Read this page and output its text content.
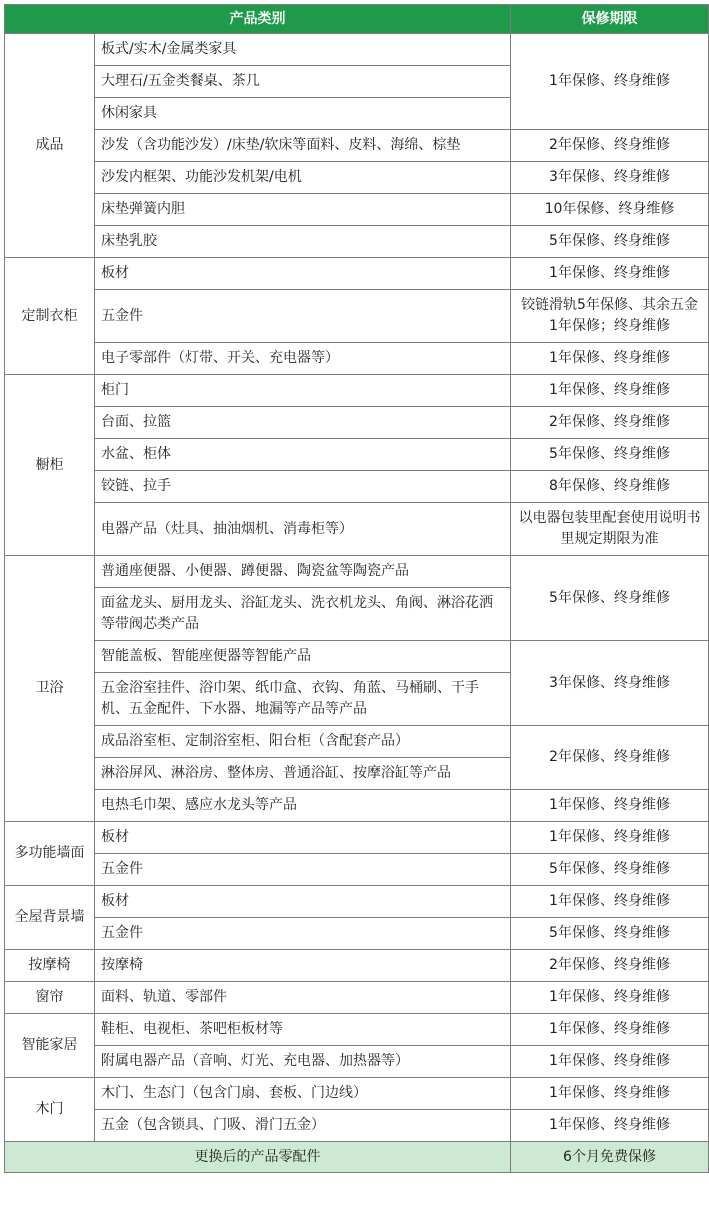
产品类别		保修期限
成品	板式/实木/金属类家具	1年保修、终身维修
	大理石/五金类餐桌、茶几	
	休闲家具	
	沙发（含功能沙发）/床垫/软床等面料、皮料、海绵、棕垫	2年保修、终身维修
	沙发内框架、功能沙发机架/电机	3年保修、终身维修
	床垫弹簧内胆	10年保修、终身维修
	床垫乳胶	5年保修、终身维修
定制衣柜	板材	1年保修、终身维修
	五金件	铰链滑轨5年保修、其余五金1年保修；终身维修
	电子零部件（灯带、开关、充电器等）	1年保修、终身维修
橱柜	柜门	1年保修、终身维修
	台面、拉篮	2年保修、终身维修
	水盆、柜体	5年保修、终身维修
	铰链、拉手	8年保修、终身维修
	电器产品（灶具、抽油烟机、消毒柜等）	以电器包装里配套使用说明书里规定期限为准
卫浴	普通座便器、小便器、蹲便器、陶瓷盆等陶瓷产品	5年保修、终身维修
	面盆龙头、厨用龙头、浴缸龙头、洗衣机龙头、角阀、淋浴花洒等带阀芯类产品	
	智能盖板、智能座便器等智能产品	3年保修、终身维修
	五金浴室挂件、浴巾架、纸巾盒、衣钩、角蓝、马桶刷、干手机、五金配件、下水器、地漏等产品等产品	
	成品浴室柜、定制浴室柜、阳台柜（含配套产品）	2年保修、终身维修
	淋浴屏风、淋浴房、整体房、普通浴缸、按摩浴缸等产品	
	电热毛巾架、感应水龙头等产品	1年保修、终身维修
多功能墙面	板材	1年保修、终身维修
	五金件	5年保修、终身维修
全屋背景墙	板材	1年保修、终身维修
	五金件	5年保修、终身维修
按摩椅	按摩椅	2年保修、终身维修
窗帘	面料、轨道、零部件	1年保修、终身维修
智能家居	鞋柜、电视柜、茶吧柜板材等	1年保修、终身维修
	附属电器产品（音响、灯光、充电器、加热器等）	1年保修、终身维修
木门	木门、生态门（包含门扇、套板、门边线）	1年保修、终身维修
	五金（包含锁具、门吸、滑门五金）	1年保修、终身维修
更换后的产品零配件		6个月免费保修
